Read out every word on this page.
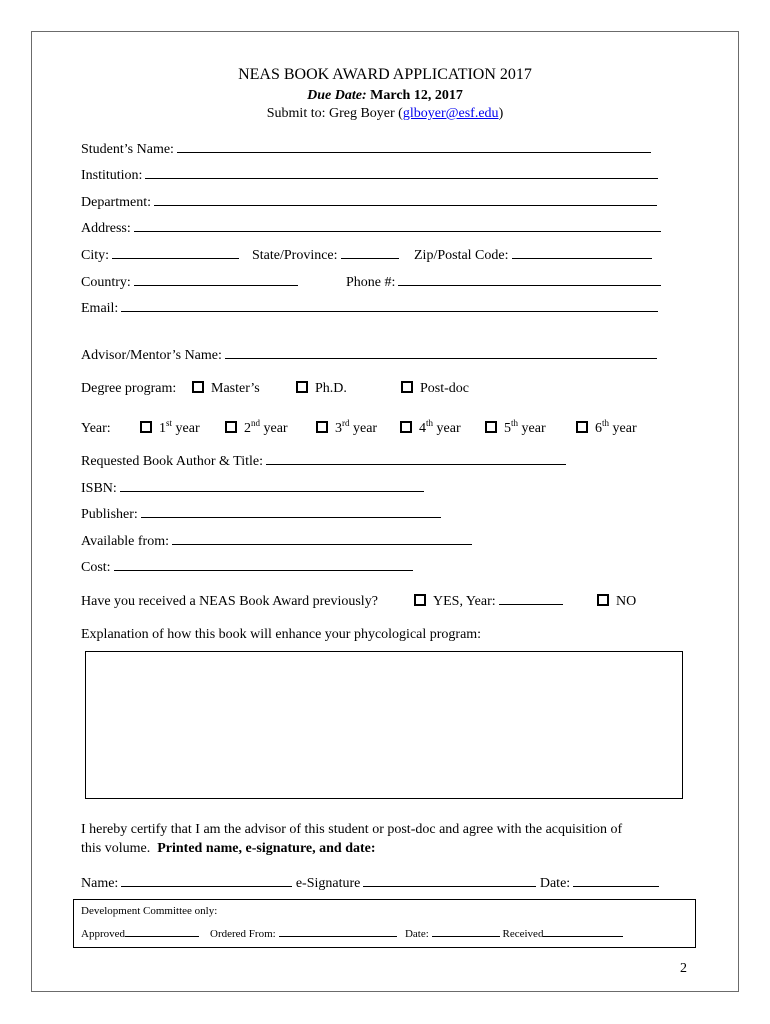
NEAS BOOK AWARD APPLICATION 2017
Due Date: March 12, 2017
Submit to: Greg Boyer (glboyer@esf.edu)
Student’s Name:
Institution:
Department:
Address:
City:	State/Province:	Zip/Postal Code:
Country:	Phone #:
Email:
Advisor/Mentor’s Name:
Degree program:	Master’s	Ph.D.	Post-doc
Year:	1st year	2nd year	3rd year	4th year	5th year	6th year
Requested Book Author & Title:
ISBN:
Publisher:
Available from:
Cost:
Have you received a NEAS Book Award previously?	YES, Year:	NO
Explanation of how this book will enhance your phycological program:
I hereby certify that I am the advisor of this student or post-doc and agree with the acquisition of
this volume. Printed name, e-signature, and date:
Name:	e-Signature	Date:
Development Committee only:
Approved	Ordered From:	Date:	Received
2
